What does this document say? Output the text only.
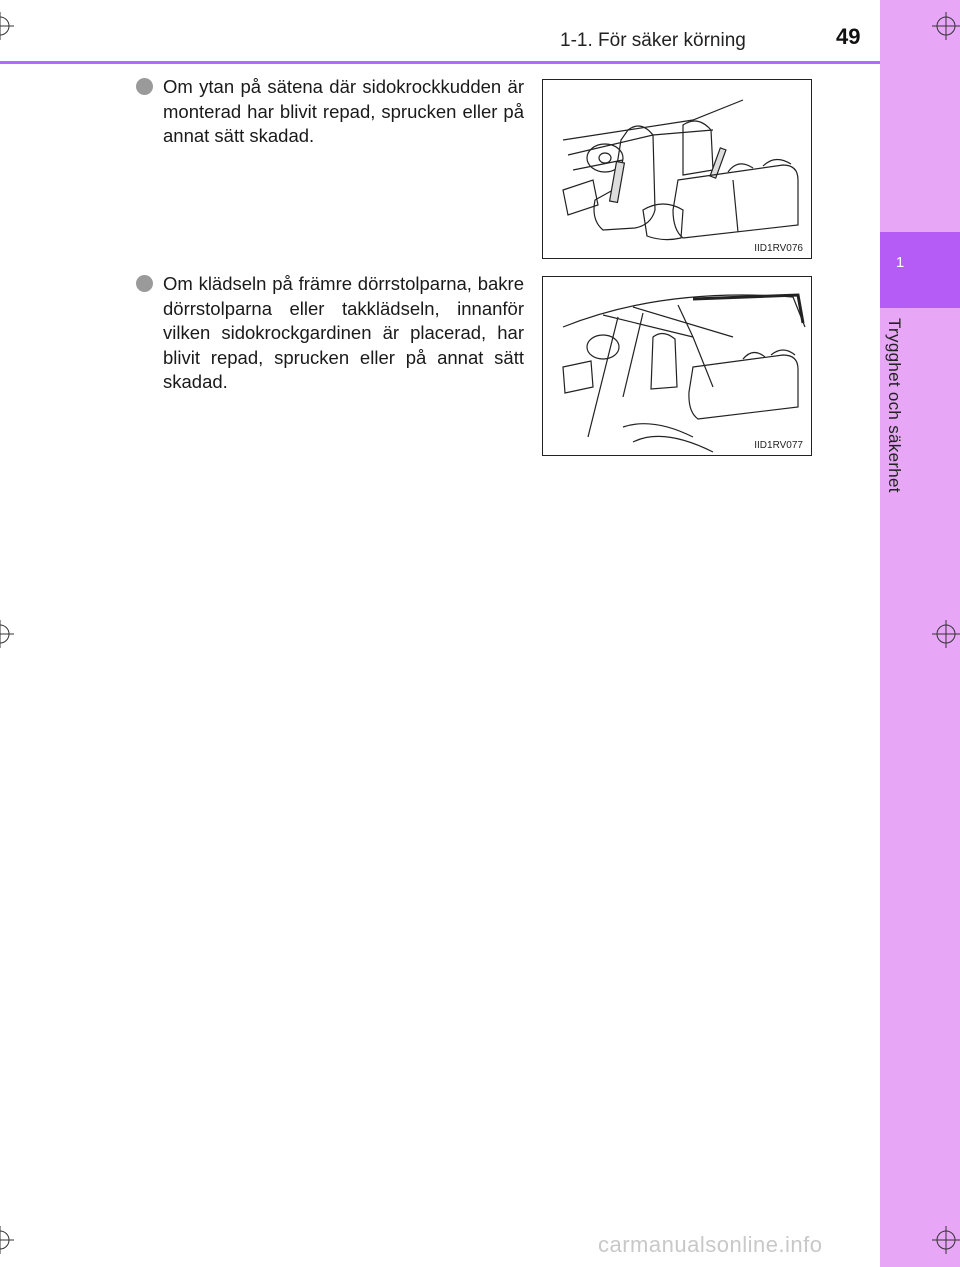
1-1. För säker körning	49
1
Trygghet och säkerhet
Om ytan på sätena där sidokrockkudden är monterad har blivit repad, sprucken eller på annat sätt skadad.
IID1RV076
Om klädseln på främre dörrstolparna, bakre dörrstolparna eller takklädseln, innanför vilken sidokrockgardinen är placerad, har blivit repad, sprucken eller på annat sätt skadad.
IID1RV077
carmanualsonline.info
